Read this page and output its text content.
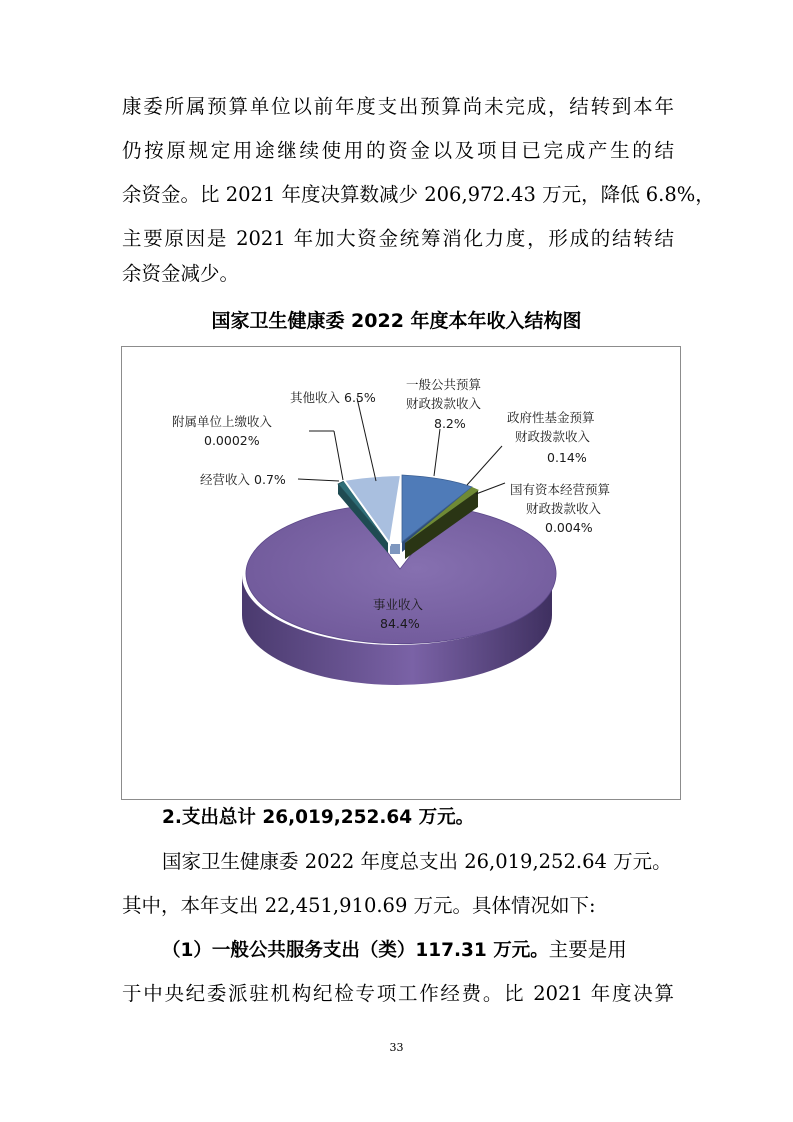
康委所属预算单位以前年度支出预算尚未完成，结转到本年
仍按原规定用途继续使用的资金以及项目已完成产生的结
余资金。比 2021 年度决算数减少 206,972.43 万元，降低 6.8%，
主要原因是 2021 年加大资金统筹消化力度，形成的结转结
余资金减少。
国家卫生健康委 2022 年度本年收入结构图
其他收入 6.5%
附属单位上缴收入
0.0002%
经营收入 0.7%
一般公共预算
财政拨款收入
8.2%	政府性基金预算
财政拨款收入
0.14%
国有资本经营预算
财政拨款收入
0.004%
事业收入
84.4%
2.支出总计 26,019,252.64 万元。
国家卫生健康委 2022 年度总支出 26,019,252.64 万元。
其中，本年支出 22,451,910.69 万元。具体情况如下:
（1）一般公共服务支出（类）117.31 万元。主要是用
于中央纪委派驻机构纪检专项工作经费。比 2021 年度决算
33
